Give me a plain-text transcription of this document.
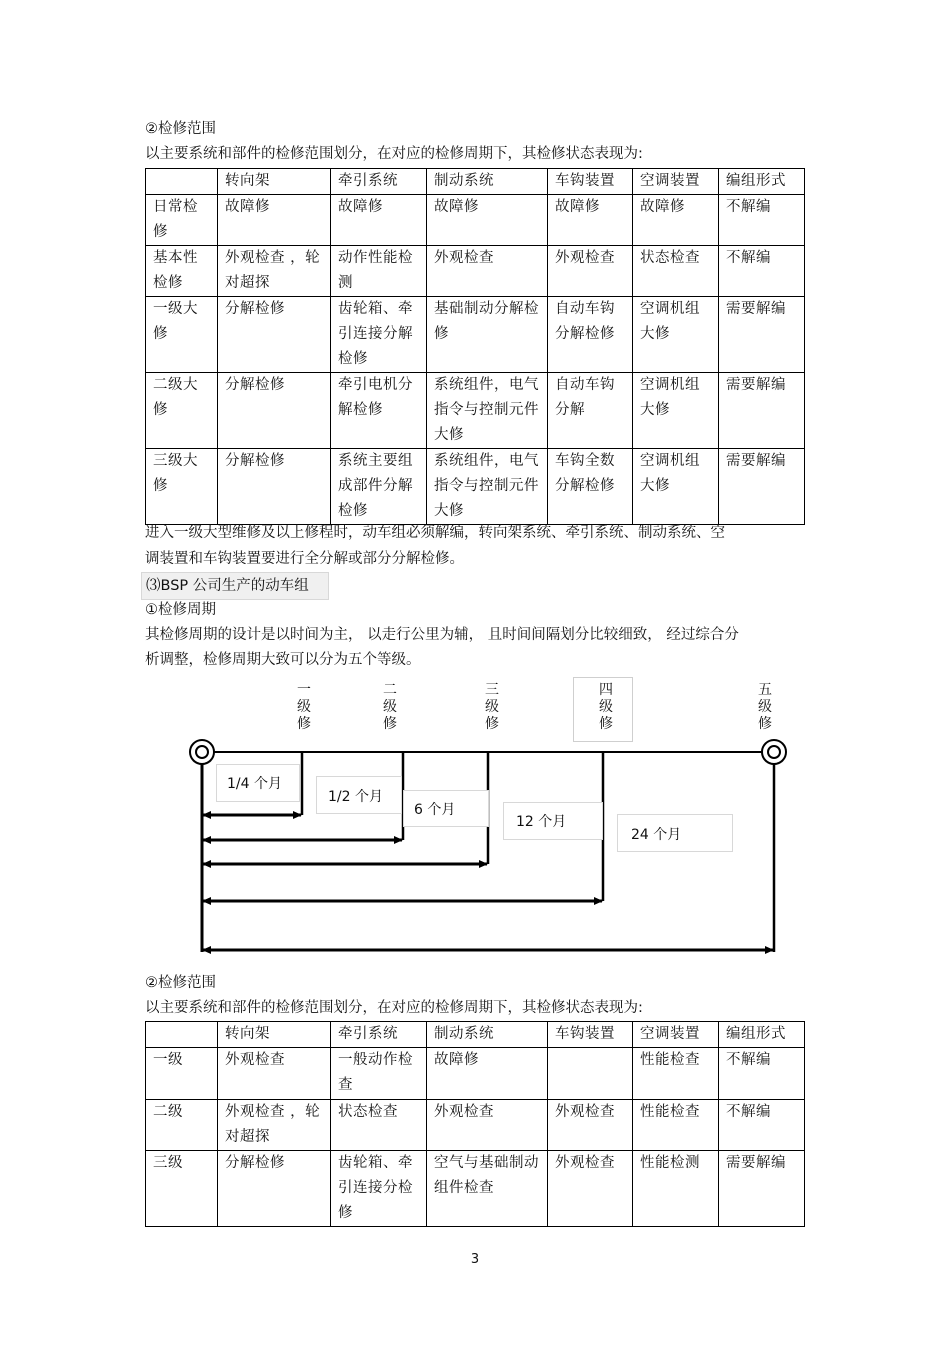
②检修范围
以主要系统和部件的检修范围划分，在对应的检修周期下，其检修状态表现为:
	转向架	牵引系统	制动系统	车钩装置	空调装置	编组形式
日常检修	故障修	故障修	故障修	故障修	故障修	不解编
基本性检修	外观检查 ，轮对超探	动作性能检测	外观检查	外观检查	状态检查	不解编
一级大修	分解检修	齿轮箱、牵引连接分解检修	基础制动分解检修	自动车钩分解检修	空调机组大修	需要解编
二级大修	分解检修	牵引电机分解检修	系统组件，电气指令与控制元件大修	自动车钩分解	空调机组大修	需要解编
三级大修	分解检修	系统主要组成部件分解检修	系统组件，电气指令与控制元件大修	车钩全数分解检修	空调机组大修	需要解编
进入一级大型维修及以上修程时，动车组必须解编，转向架系统、牵引系统、制动系统、空
调装置和车钩装置要进行全分解或部分分解检修。
⑶BSP 公司生产的动车组
①检修周期
其检修周期的设计是以时间为主， 以走行公里为辅， 且时间间隔划分比较细致， 经过综合分
析调整，检修周期大致可以分为五个等级。
一
级
修
二
级
修
三
级
修
四
级
修
五
级
修
1/4 个月
1/2 个月
6 个月
12 个月
24 个月
②检修范围
以主要系统和部件的检修范围划分，在对应的检修周期下，其检修状态表现为:
	转向架	牵引系统	制动系统	车钩装置	空调装置	编组形式
一级	外观检查	一般动作检查	故障修		性能检查	不解编
二级	外观检查 ，轮对超探	状态检查	外观检查	外观检查	性能检查	不解编
三级	分解检修	齿轮箱、牵引连接分检修	空气与基础制动组件检查	外观检查	性能检测	需要解编
3
